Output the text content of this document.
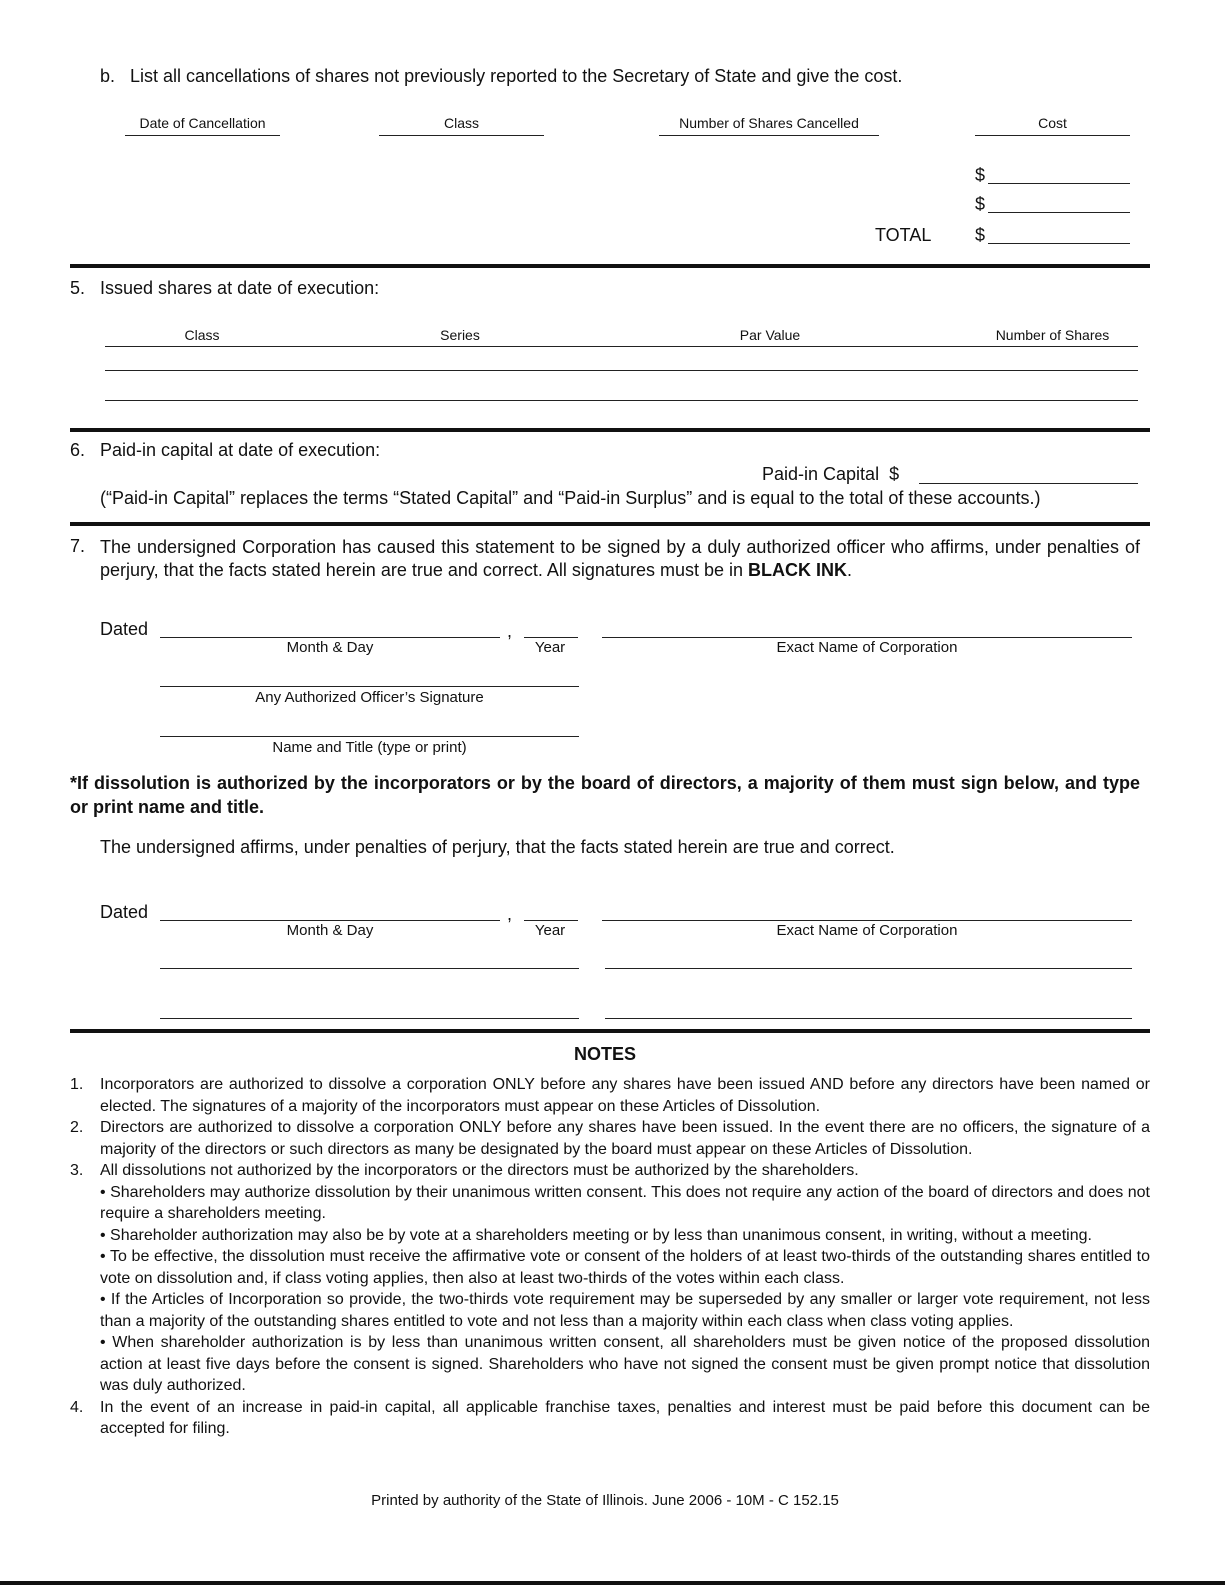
b. List all cancellations of shares not previously reported to the Secretary of State and give the cost.
Date of Cancellation	Class	Number of Shares Cancelled	Cost
$
$
TOTAL $
5. Issued shares at date of execution:
Class	Series	Par Value	Number of Shares
6. Paid-in capital at date of execution:
Paid-in Capital  $
(“Paid-in Capital” replaces the terms “Stated Capital” and “Paid-in Surplus” and is equal to the total of these accounts.)
7. The undersigned Corporation has caused this statement to be signed by a duly authorized officer who affirms, under penalties of perjury, that the facts stated herein are true and correct. All signatures must be in BLACK INK.
Dated	,
Month & Day	Year	Exact Name of Corporation
Any Authorized Officer’s Signature
Name and Title (type or print)
*If dissolution is authorized by the incorporators or by the board of directors, a majority of them must sign below, and type or print name and title.
The undersigned affirms, under penalties of perjury, that the facts stated herein are true and correct.
Dated	,
Month & Day	Year	Exact Name of Corporation
NOTES
1.	Incorporators are authorized to dissolve a corporation ONLY before any shares have been issued AND before any directors have been named or elected. The signatures of a majority of the incorporators must appear on these Articles of Dissolution.
2.	Directors are authorized to dissolve a corporation ONLY before any shares have been issued. In the event there are no officers, the signature of a majority of the directors or such directors as many be designated by the board must appear on these Articles of Dissolution.
3.	All dissolutions not authorized by the incorporators or the directors must be authorized by the shareholders.
• Shareholders may authorize dissolution by their unanimous written consent. This does not require any action of the board of directors and does not require a shareholders meeting.
• Shareholder authorization may also be by vote at a shareholders meeting or by less than unanimous consent, in writing, without a meeting.
• To be effective, the dissolution must receive the affirmative vote or consent of the holders of at least two-thirds of the outstanding shares entitled to vote on dissolution and, if class voting applies, then also at least two-thirds of the votes within each class.
• If the Articles of Incorporation so provide, the two-thirds vote requirement may be superseded by any smaller or larger vote requirement, not less than a majority of the outstanding shares entitled to vote and not less than a majority within each class when class voting applies.
• When shareholder authorization is by less than unanimous written consent, all shareholders must be given notice of the proposed dissolution action at least five days before the consent is signed. Shareholders who have not signed the consent must be given prompt notice that dissolution was duly authorized.
4.	In the event of an increase in paid-in capital, all applicable franchise taxes, penalties and interest must be paid before this document can be accepted for filing.
Printed by authority of the State of Illinois. June 2006 - 10M - C 152.15
